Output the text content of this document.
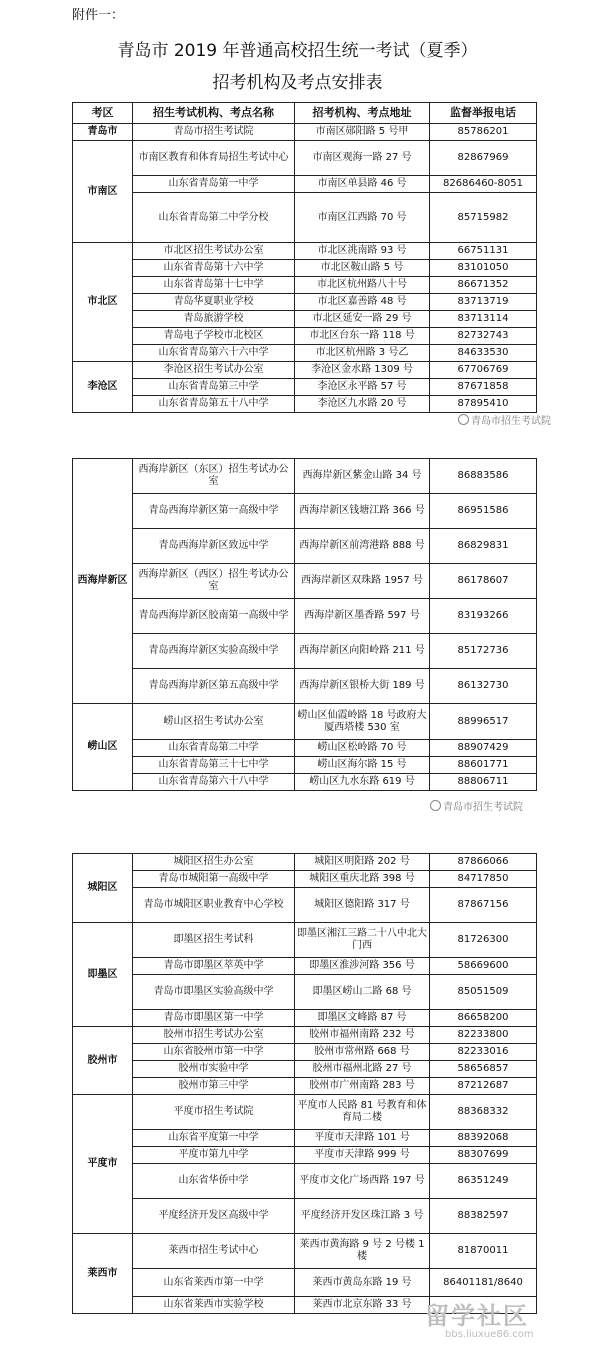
附件一：
青岛市 2019 年普通高校招生统一考试（夏季）
招考机构及考点安排表
考区	招生考试机构、考点名称	招考机构、考点地址	监督举报电话
青岛市	青岛市招生考试院	市南区郧阳路 5 号甲	85786201
市南区	市南区教育和体育局招生考试中心	市南区观海一路 27 号	82867969
	山东省青岛第一中学	市南区单县路 46 号	82686460-8051
	山东省青岛第二中学分校	市南区江西路 70 号	85715982
市北区	市北区招生考试办公室	市北区洮南路 93 号	66751131
	山东省青岛第十六中学	市北区鞍山路 5 号	83101050
	山东省青岛第十七中学	市北区杭州路八十号	86671352
	青岛华夏职业学校	市北区嘉善路 48 号	83713719
	青岛旅游学校	市北区延安一路 29 号	83713114
	青岛电子学校市北校区	市北区台东一路 118 号	82732743
	山东省青岛第六十六中学	市北区杭州路 3 号乙	84633530
李沧区	李沧区招生考试办公室	李沧区金水路 1309 号	67706769
	山东省青岛第三中学	李沧区永平路 57 号	87671858
	山东省青岛第五十八中学	李沧区九水路 20 号	87895410
西海岸新区	西海岸新区（东区）招生考试办公室	西海岸新区紫金山路 34 号	86883586
	青岛西海岸新区第一高级中学	西海岸新区钱塘江路 366 号	86951586
	青岛西海岸新区致远中学	西海岸新区前湾港路 888 号	86829831
	西海岸新区（西区）招生考试办公室	西海岸新区双珠路 1957 号	86178607
	青岛西海岸新区胶南第一高级中学	西海岸新区墨香路 597 号	83193266
	青岛西海岸新区实验高级中学	西海岸新区向阳岭路 211 号	85172736
	青岛西海岸新区第五高级中学	西海岸新区银桥大街 189 号	86132730
崂山区	崂山区招生考试办公室	崂山区仙霞岭路 18 号政府大厦西塔楼 530 室	88996517
	山东省青岛第二中学	崂山区松岭路 70 号	88907429
	山东省青岛第三十七中学	崂山区海尔路 15 号	88601771
	山东省青岛第六十八中学	崂山区九水东路 619 号	88806711
城阳区	城阳区招生办公室	城阳区明阳路 202 号	87866066
	青岛市城阳第一高级中学	城阳区重庆北路 398 号	84717850
	青岛市城阳区职业教育中心学校	城阳区德阳路 317 号	87867156
即墨区	即墨区招生考试科	即墨区湘江三路二十八中北大门西	81726300
	青岛市即墨区萃英中学	即墨区淮涉河路 356 号	58669600
	青岛市即墨区实验高级中学	即墨区崂山二路 68 号	85051509
	青岛市即墨区第一中学	即墨区文峰路 87 号	86658200
胶州市	胶州市招生考试办公室	胶州市福州南路 232 号	82233800
	山东省胶州市第一中学	胶州市常州路 668 号	82233016
	胶州市实验中学	胶州市福州北路 27 号	58656857
	胶州市第三中学	胶州市广州南路 283 号	87212687
平度市	平度市招生考试院	平度市人民路 81 号教育和体育局二楼	88368332
	山东省平度第一中学	平度市天津路 101 号	88392068
	平度市第九中学	平度市天津路 999 号	88307699
	山东省华侨中学	平度市文化广场西路 197 号	86351249
	平度经济开发区高级中学	平度经济开发区珠江路 3 号	88382597
莱西市	莱西市招生考试中心	莱西市黄海路 9 号 2 号楼 1 楼	81870011
	山东省莱西市第一中学	莱西市黄岛东路 19 号	86401181/8640
	山东省莱西市实验学校	莱西市北京东路 33 号	
青岛市招生考试院
青岛市招生考试院
留学社区
bbs.liuxue86.com
